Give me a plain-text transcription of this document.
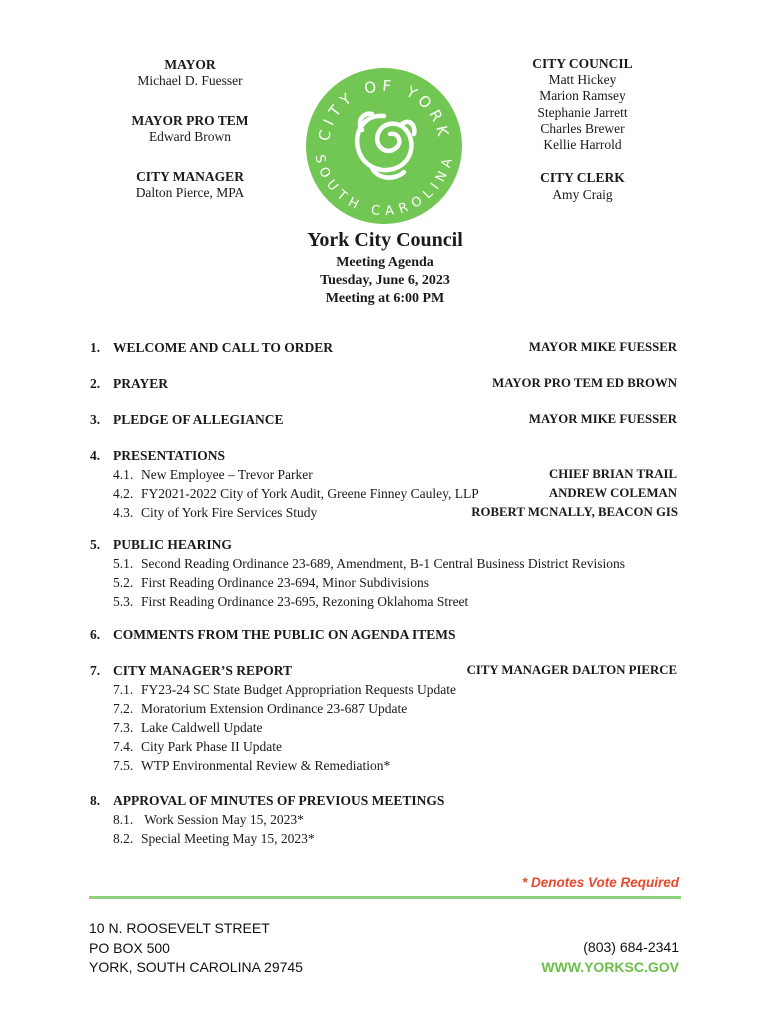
MAYOR
Michael D. Fuesser
MAYOR PRO TEM
Edward Brown
CITY MANAGER
Dalton Pierce, MPA
CITY COUNCIL
Matt Hickey
Marion Ramsey
Stephanie Jarrett
Charles Brewer
Kellie Harrold
CITY CLERK
Amy Craig
CITY OF YORK
SOUTH CAROLINA
York City Council
Meeting Agenda
Tuesday, June 6, 2023
Meeting at 6:00 PM
1. WELCOME AND CALL TO ORDER	MAYOR MIKE FUESSER
2. PRAYER	MAYOR PRO TEM ED BROWN
3. PLEDGE OF ALLEGIANCE	MAYOR MIKE FUESSER
4. PRESENTATIONS
4.1. New Employee – Trevor Parker	CHIEF BRIAN TRAIL
4.2. FY2021-2022 City of York Audit, Greene Finney Cauley, LLP	ANDREW COLEMAN
4.3. City of York Fire Services Study	ROBERT MCNALLY, BEACON GIS
5. PUBLIC HEARING
5.1. Second Reading Ordinance 23-689, Amendment, B-1 Central Business District Revisions
5.2. First Reading Ordinance 23-694, Minor Subdivisions
5.3. First Reading Ordinance 23-695, Rezoning Oklahoma Street
6. COMMENTS FROM THE PUBLIC ON AGENDA ITEMS
7. CITY MANAGER’S REPORT	CITY MANAGER DALTON PIERCE
7.1. FY23-24 SC State Budget Appropriation Requests Update
7.2. Moratorium Extension Ordinance 23-687 Update
7.3. Lake Caldwell Update
7.4. City Park Phase II Update
7.5. WTP Environmental Review & Remediation*
8. APPROVAL OF MINUTES OF PREVIOUS MEETINGS
8.1. Work Session May 15, 2023*
8.2. Special Meeting May 15, 2023*
* Denotes Vote Required
10 N. ROOSEVELT STREET
PO BOX 500
YORK, SOUTH CAROLINA 29745
(803) 684-2341
WWW.YORKSC.GOV
